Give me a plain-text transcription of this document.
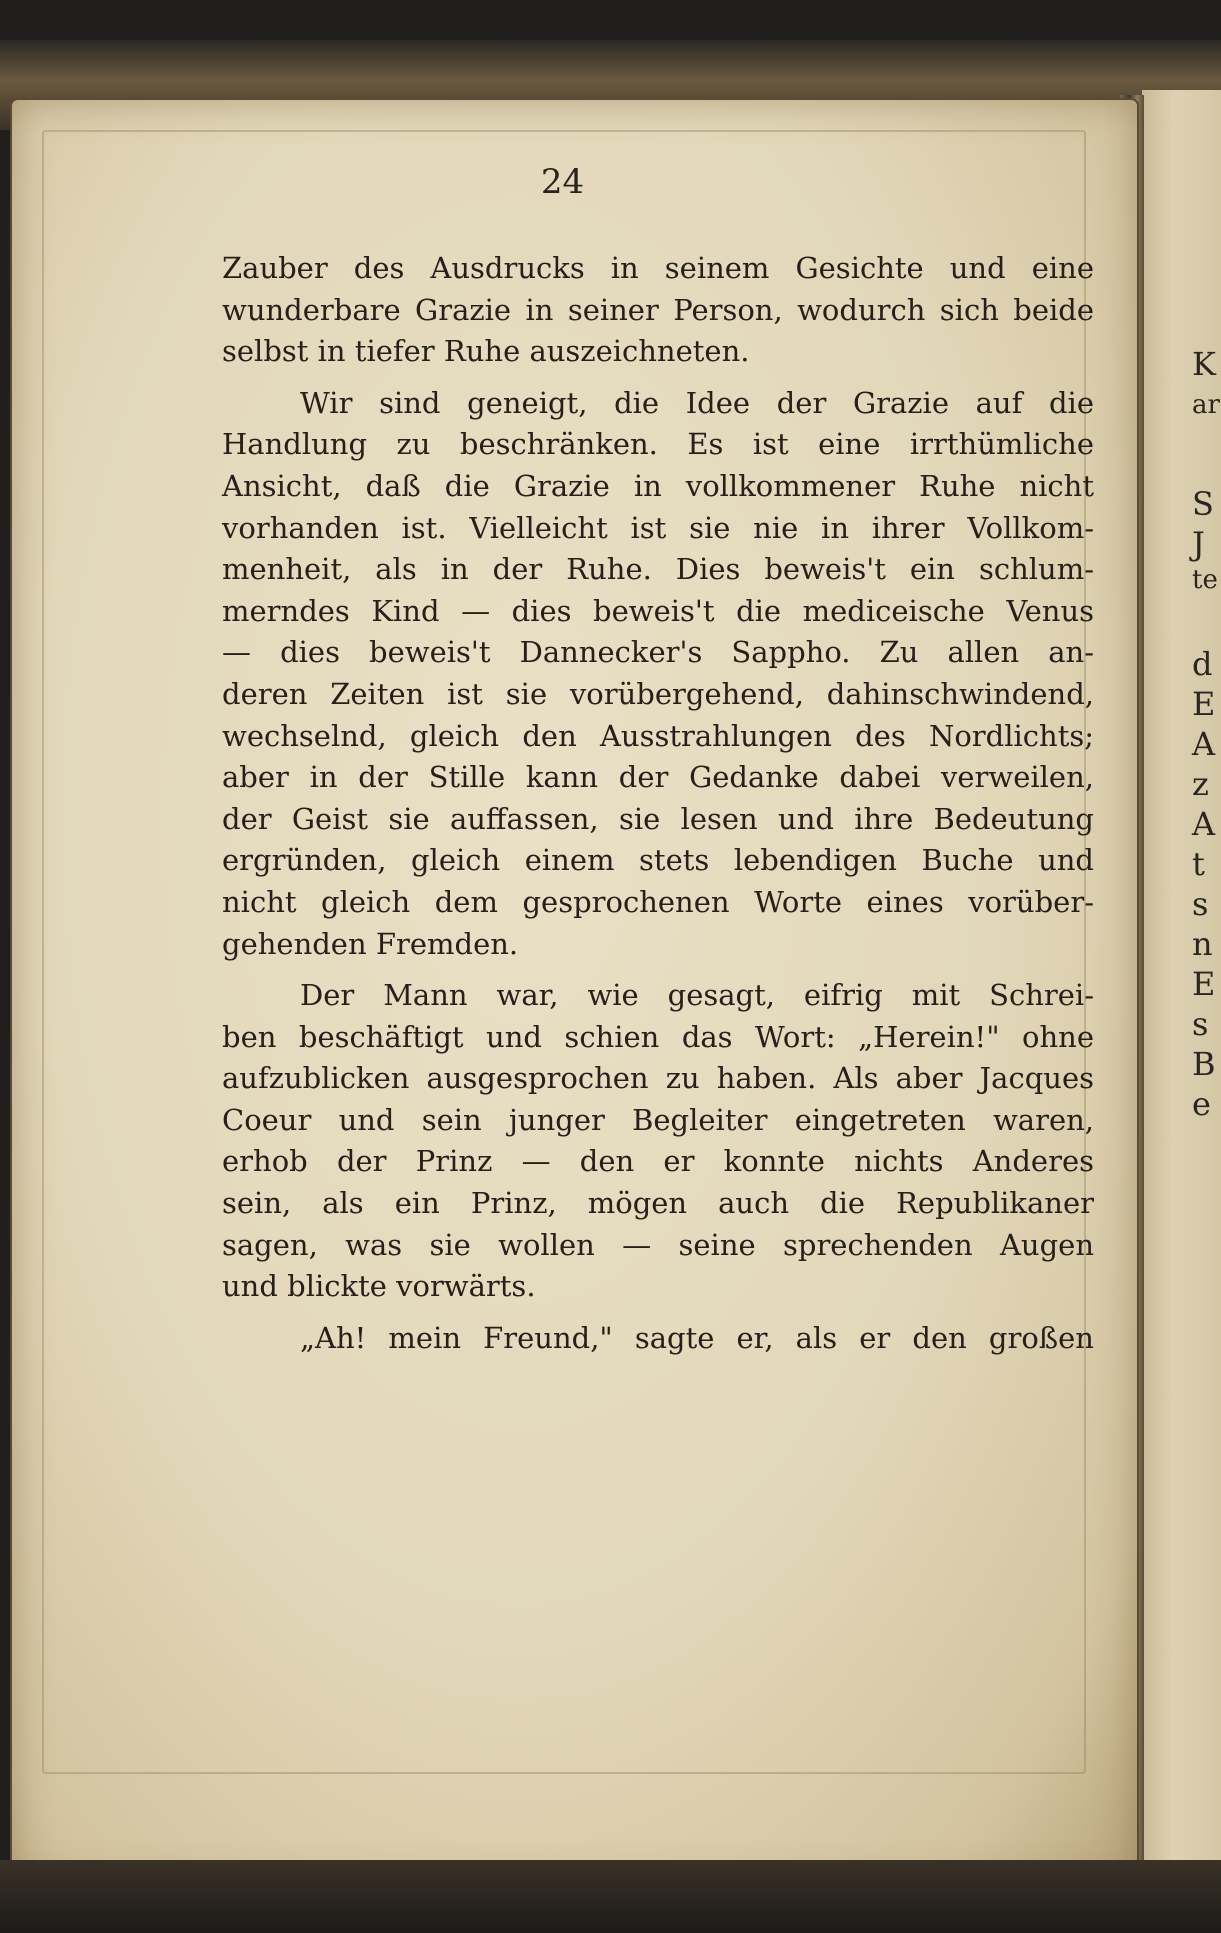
K
ar
S
J
te
d
E
A
z
A
t
s
n
E
s
B
e
24
Zauber des Ausdrucks in seinem Gesichte und eine
wunderbare Grazie in seiner Person, wodurch sich beide
selbst in tiefer Ruhe auszeichneten.
Wir sind geneigt, die Idee der Grazie auf die
Handlung zu beschränken. Es ist eine irrthümliche
Ansicht, daß die Grazie in vollkommener Ruhe nicht
vorhanden ist. Vielleicht ist sie nie in ihrer Vollkom-
menheit, als in der Ruhe. Dies beweis't ein schlum-
merndes Kind — dies beweis't die mediceische Venus
— dies beweis't Dannecker's Sappho. Zu allen an-
deren Zeiten ist sie vorübergehend, dahinschwindend,
wechselnd, gleich den Ausstrahlungen des Nordlichts;
aber in der Stille kann der Gedanke dabei verweilen,
der Geist sie auffassen, sie lesen und ihre Bedeutung
ergründen, gleich einem stets lebendigen Buche und
nicht gleich dem gesprochenen Worte eines vorüber-
gehenden Fremden.
Der Mann war, wie gesagt, eifrig mit Schrei-
ben beschäftigt und schien das Wort: „Herein!" ohne
aufzublicken ausgesprochen zu haben. Als aber Jacques
Coeur und sein junger Begleiter eingetreten waren,
erhob der Prinz — den er konnte nichts Anderes
sein, als ein Prinz, mögen auch die Republikaner
sagen, was sie wollen — seine sprechenden Augen
und blickte vorwärts.
„Ah! mein Freund," sagte er, als er den großen
